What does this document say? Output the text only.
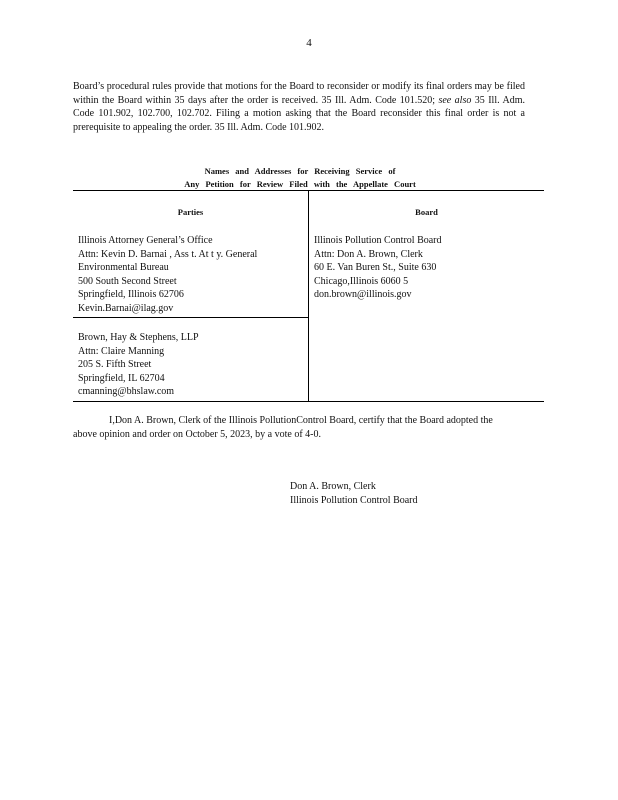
4
Board’s procedural rules provide that motions for the Board to reconsider or modify its final orders may be filed within the Board within 35 days after the order is received. 35 Ill. Adm. Code 101.520; see also 35 Ill. Adm. Code 101.902, 102.700, 102.702. Filing a motion asking that the Board reconsider this final order is not a prerequisite to appealing the order. 35 Ill. Adm. Code 101.902.
Names and Addresses for Receiving Service of
Any Petition for Review Filed with the Appellate Court
Parties	Board
Illinois Attorney General’s Office
Attn: Kevin D. Barnai , Ass t. At t y. General
Environmental Bureau
500 South Second Street
Springfield, Illinois 62706
Kevin.Barnai@ilag.gov
Brown, Hay & Stephens, LLP
Attn: Claire Manning
205 S. Fifth Street
Springfield, IL 62704
cmanning@bhslaw.com
Illinois Pollution Control Board
Attn: Don A. Brown, Clerk
60 E. Van Buren St., Suite 630
Chicago,Illinois 6060 5
don.brown@illinois.gov
I,Don A. Brown, Clerk of the Illinois PollutionControl Board, certify that the Board adopted the above opinion and order on October 5, 2023, by a vote of 4-0.
Don A. Brown, Clerk
Illinois Pollution Control Board
